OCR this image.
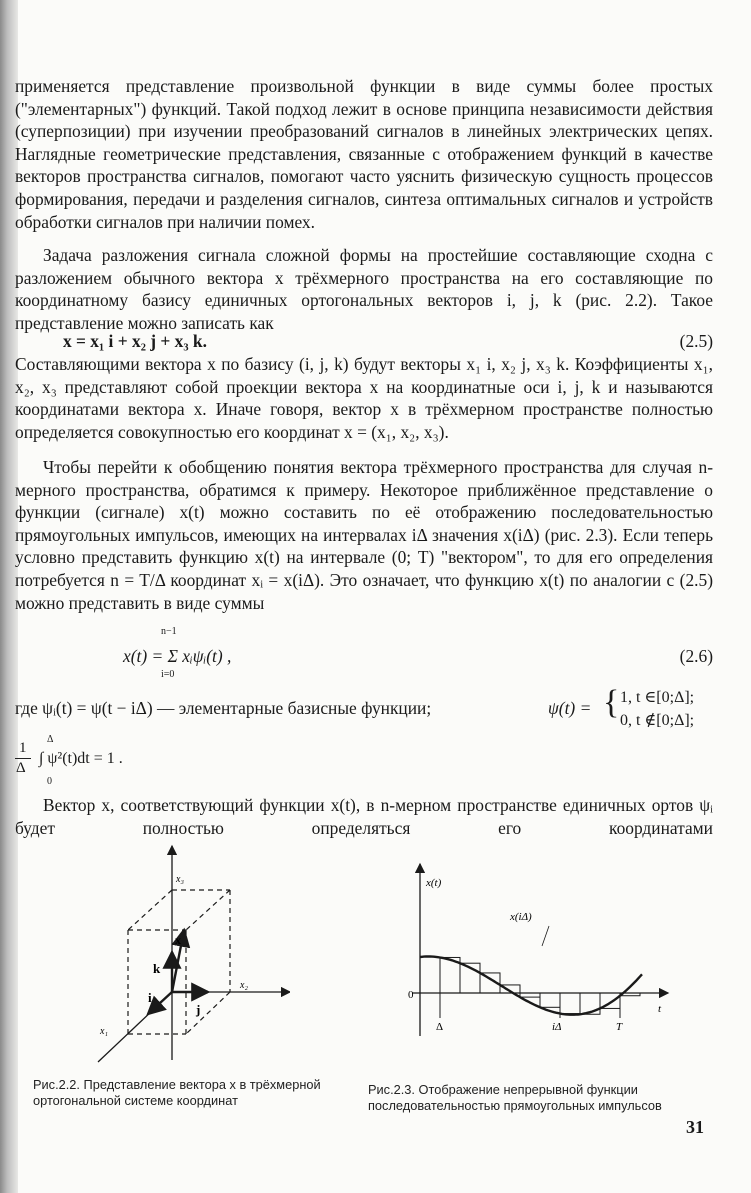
применяется представление произвольной функции в виде суммы более простых ("элементарных") функций. Такой подход лежит в основе принципа независимости действия (суперпозиции) при изучении преобразований сигналов в линейных электрических цепях. Наглядные геометрические представления, связанные с отображением функций в качестве векторов пространства сигналов, помогают часто уяснить физическую сущность процессов формирования, передачи и разделения сигналов, синтеза оптимальных сигналов и устройств обработки сигналов при наличии помех.

Задача разложения сигнала сложной формы на простейшие составляющие сходна с разложением обычного вектора x трёхмерного пространства на его составляющие по координатному базису единичных ортогональных векторов i, j, k (рис. 2.2). Такое представление можно записать как

x = x₁ i + x₂ j + x₃ k.	(2.5)

Составляющими вектора x по базису (i, j, k) будут векторы x₁ i, x₂ j, x₃ k. Коэффициенты x₁, x₂, x₃ представляют собой проекции вектора x на координатные оси i, j, k и называются координатами вектора x. Иначе говоря, вектор x в трёхмерном пространстве полностью определяется совокупностью его координат x = (x₁, x₂, x₃).

Чтобы перейти к обобщению понятия вектора трёхмерного пространства для случая n-мерного пространства, обратимся к примеру. Некоторое приближённое представление о функции (сигнале) x(t) можно составить по её отображению последовательностью прямоугольных импульсов, имеющих на интервалах iΔ значения x(iΔ) (рис. 2.3). Если теперь условно представить функцию x(t) на интервале (0; T) "вектором", то для его определения потребуется n = T/Δ координат xᵢ = x(iΔ). Это означает, что функцию x(t) по аналогии с (2.5) можно представить в виде суммы

x(t) = Σ xᵢψᵢ(t) ,
n−1
i=0
(2.6)
где ψᵢ(t) = ψ(t − iΔ) — элементарные базисные функции;	ψ(t) = { 1, t ∈[0;Δ];
0, t ∉[0;Δ];
1
Δ
Δ
0
∫ ψ²(t)dt = 1 .

Вектор x, соответствующий функции x(t), в n-мерном пространстве единичных ортов ψᵢ будет полностью определяться его координатами

x₃
x₂
x₁
x
k
i
j
Рис.2.2. Представление вектора x в трёхмерной ортогональной системе координат
x(t)
x(iΔ)
0
t
Δ	iΔ	T
Рис.2.3. Отображение непрерывной функции последовательностью прямоугольных импульсов
31
